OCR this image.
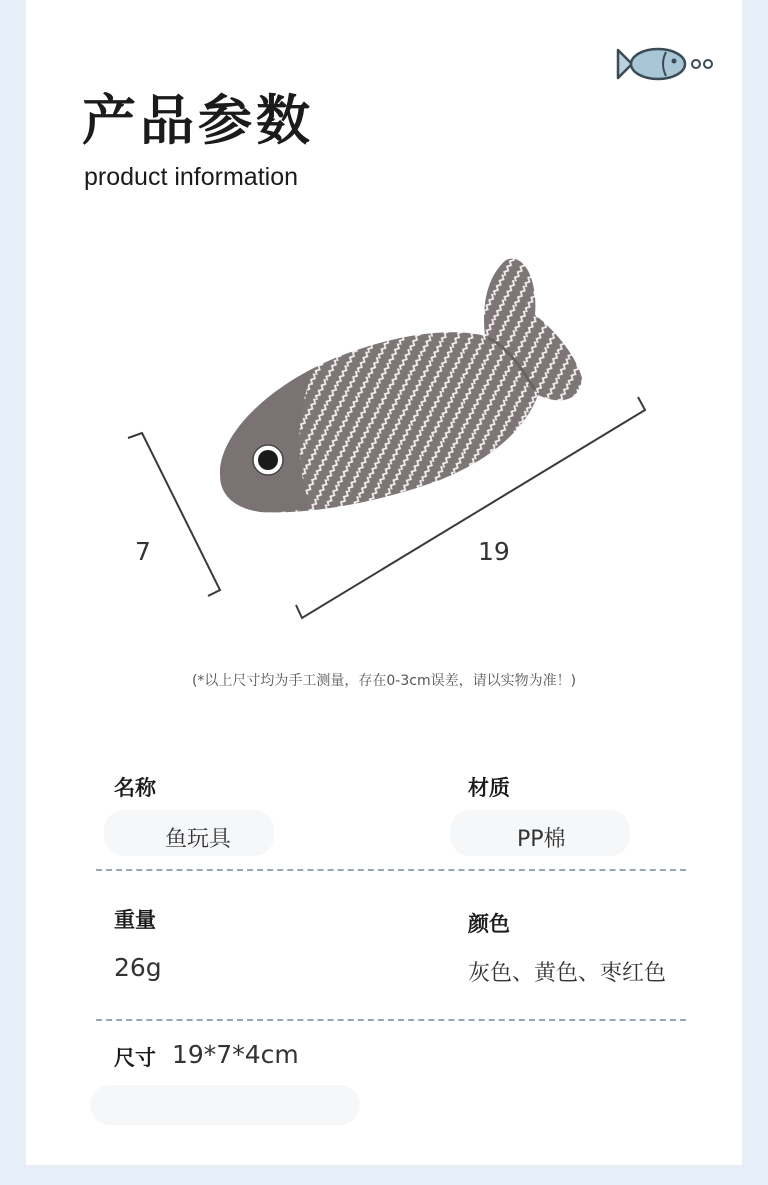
产品参数

product information

7	19
(*以上尺寸均为手工测量，存在0-3cm误差，请以实物为准！)
名称	材质
鱼玩具	PP棉
重量	颜色
26g	灰色、黄色、枣红色
尺寸 19*7*4cm
